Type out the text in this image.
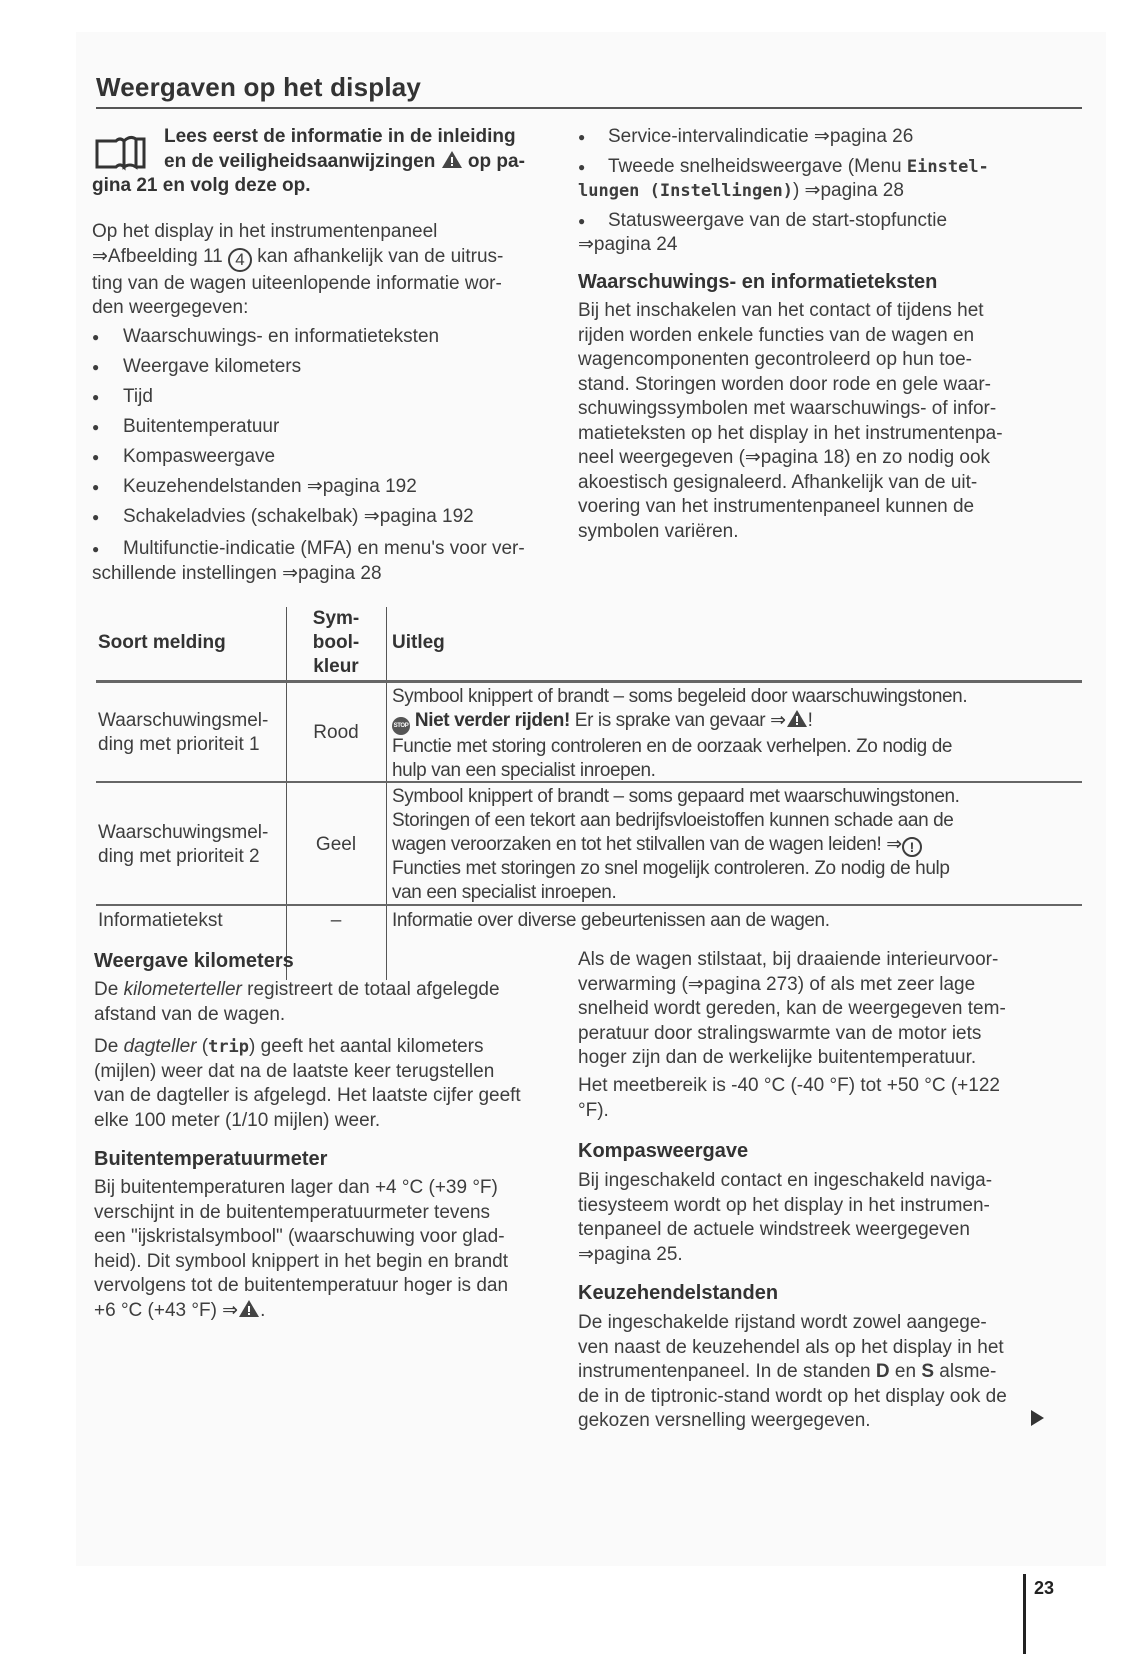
Weergaven op het display
Lees eerst de informatie in de inleiding
en de veiligheidsaanwijzingen op pa-
gina 21 en volg deze op.
Op het display in het instrumentenpaneel
⇒Afbeelding 11 4 kan afhankelijk van de uitrus-
ting van de wagen uiteenlopende informatie wor-
den weergegeven:
● Waarschuwings- en informatieteksten
● Weergave kilometers
● Tijd
● Buitentemperatuur
● Kompasweergave
● Keuzehendelstanden ⇒pagina 192
● Schakeladvies (schakelbak) ⇒pagina 192
● Multifunctie-indicatie (MFA) en menu's voor ver-
schillende instellingen ⇒pagina 28
● Service-intervalindicatie ⇒pagina 26
● Tweede snelheidsweergave (Menu Einstel-
lungen (Instellingen)) ⇒pagina 28
● Statusweergave van de start-stopfunctie
⇒pagina 24
Waarschuwings- en informatieteksten
Bij het inschakelen van het contact of tijdens het
rijden worden enkele functies van de wagen en
wagencomponenten gecontroleerd op hun toe-
stand. Storingen worden door rode en gele waar-
schuwingssymbolen met waarschuwings- of infor-
matieteksten op het display in het instrumentenpa-
neel weergegeven (⇒pagina 18) en zo nodig ook
akoestisch gesignaleerd. Afhankelijk van de uit-
voering van het instrumentenpaneel kunnen de
symbolen variëren.
Soort melding
Sym-
bool-
kleur
Uitleg
Waarschuwingsmel-
ding met prioriteit 1
Rood
Symbool knippert of brandt – soms begeleid door waarschuwingstonen.
STOP Niet verder rijden! Er is sprake van gevaar ⇒ !
Functie met storing controleren en de oorzaak verhelpen. Zo nodig de
hulp van een specialist inroepen.
Waarschuwingsmel-
ding met prioriteit 2
Geel
Symbool knippert of brandt – soms gepaard met waarschuwingstonen.
Storingen of een tekort aan bedrijfsvloeistoffen kunnen schade aan de
wagen veroorzaken en tot het stilvallen van de wagen leiden! ⇒ !
Functies met storingen zo snel mogelijk controleren. Zo nodig de hulp
van een specialist inroepen.
Informatietekst	–	Informatie over diverse gebeurtenissen aan de wagen.
Weergave kilometers
De kilometerteller registreert de totaal afgelegde
afstand van de wagen.
De dagteller (trip) geeft het aantal kilometers
(mijlen) weer dat na de laatste keer terugstellen
van de dagteller is afgelegd. Het laatste cijfer geeft
elke 100 meter (1/10 mijlen) weer.
Buitentemperatuurmeter
Bij buitentemperaturen lager dan +4 °C (+39 °F)
verschijnt in de buitentemperatuurmeter tevens
een "ijskristalsymbool" (waarschuwing voor glad-
heid). Dit symbool knippert in het begin en brandt
vervolgens tot de buitentemperatuur hoger is dan
+6 °C (+43 °F) ⇒ .
Als de wagen stilstaat, bij draaiende interieurvoor-
verwarming (⇒pagina 273) of als met zeer lage
snelheid wordt gereden, kan de weergegeven tem-
peratuur door stralingswarmte van de motor iets
hoger zijn dan de werkelijke buitentemperatuur.
Het meetbereik is -40 °C (-40 °F) tot +50 °C (+122
°F).
Kompasweergave
Bij ingeschakeld contact en ingeschakeld naviga-
tiesysteem wordt op het display in het instrumen-
tenpaneel de actuele windstreek weergegeven
⇒pagina 25.
Keuzehendelstanden
De ingeschakelde rijstand wordt zowel aangege-
ven naast de keuzehendel als op het display in het
instrumentenpaneel. In de standen D en S alsme-
de in de tiptronic-stand wordt op het display ook de
gekozen versnelling weergegeven.
23
